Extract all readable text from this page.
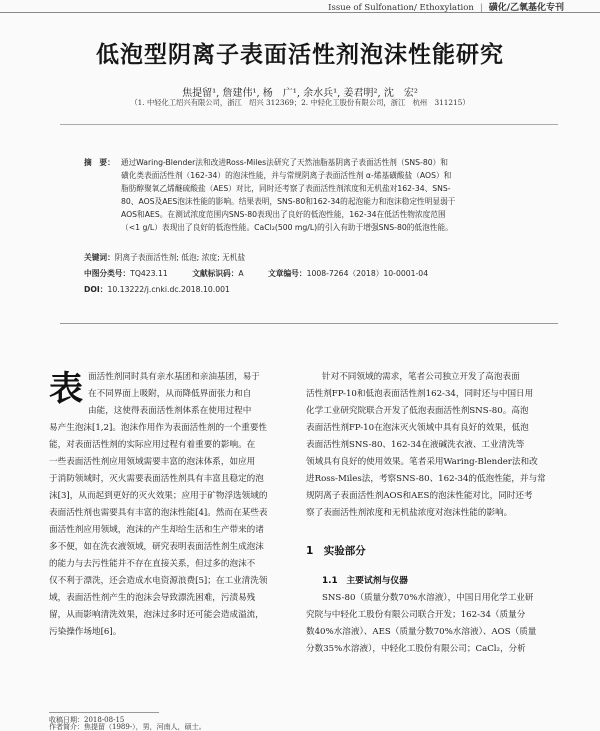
Issue of Sulfonation/ Ethoxylation | 磺化/乙氧基化专刊
低泡型阴离子表面活性剂泡沫性能研究
焦提留¹, 詹建伟¹, 杨　广¹, 余水兵¹, 姜君明², 沈　宏²
（1. 中轻化工绍兴有限公司，浙江　绍兴 312369；2. 中轻化工股份有限公司，浙江　杭州　311215）
摘　要： 通过Waring-Blender法和改进Ross-Miles法研究了天然油脂基阴离子表面活性剂（SNS-80）和
磺化类表面活性剂（162-34）的泡沫性能，并与常规阴离子表面活性剂 α-烯基磺酸盐（AOS）和
脂肪醇聚氧乙烯醚硫酸盐（AES）对比，同时还考察了表面活性剂浓度和无机盐对162-34、SNS-
80、AOS及AES泡沫性能的影响。结果表明，SNS-80和162-34的起泡能力和泡沫稳定性明显弱于
AOS和AES。在测试浓度范围内SNS-80表现出了良好的低泡性能，162-34在低活性物浓度范围
（<1 g/L）表现出了良好的低泡性能。CaCl₂(500 mg/L)的引入有助于增强SNS-80的低泡性能。
关键词：阴离子表面活性剂; 低泡; 浓度; 无机盐
中图分类号：TQ423.11	文献标识码：A	文章编号：1008-7264（2018）10-0001-04
DOI：10.13222/j.cnki.dc.2018.10.001
表 面活性剂同时具有亲水基团和亲油基团，易于
在不同界面上吸附，从而降低界面张力和自
由能，这使得表面活性剂体系在使用过程中
易产生泡沫[1,2]。泡沫作用作为表面活性剂的一个重要性
能，对表面活性剂的实际应用过程有着重要的影响。在
一些表面活性剂应用领域需要丰富的泡沫体系，如应用
于消防领域时，灭火需要表面活性剂具有丰富且稳定的泡
沫[3]，从而起到更好的灭火效果；应用于矿物浮选领域的
表面活性剂也需要具有丰富的泡沫性能[4]。然而在某些表
面活性剂应用领域，泡沫的产生却给生活和生产带来的诸
多不便，如在洗衣液领域，研究表明表面活性剂生成泡沫
的能力与去污性能并不存在直接关系，但过多的泡沫不
仅不利于漂洗，还会造成水电资源浪费[5]；在工业清洗领
域，表面活性剂产生的泡沫会导致漂洗困难，污渍易残
留，从而影响清洗效果，泡沫过多时还可能会造成溢流，
污染操作场地[6]。
针对不同领域的需求，笔者公司独立开发了高泡表面
活性剂FP-10和低泡表面活性剂162-34，同时还与中国日用
化学工业研究院联合开发了低泡表面活性剂SNS-80。高泡
表面活性剂FP-10在泡沫灭火领域中具有良好的效果，低泡
表面活性剂SNS-80、162-34在液碱洗衣液、工业清洗等
领域具有良好的使用效果。笔者采用Waring-Blender法和改
进Ross-Miles法，考察SNS-80、162-34的低泡性能，并与常
规阴离子表面活性剂AOS和AES的泡沫性能对比，同时还考
察了表面活性剂浓度和无机盐浓度对泡沫性能的影响。
1　实验部分
1.1　主要试剂与仪器
SNS-80（质量分数70%水溶液），中国日用化学工业研
究院与中轻化工股份有限公司联合开发；162-34（质量分
数40%水溶液）、AES（质量分数70%水溶液）、AOS（质量
分数35%水溶液），中轻化工股份有限公司；CaCl₂，分析
收稿日期：2018-08-15
作者简介：焦提留（1989-），男，河南人，硕士。
